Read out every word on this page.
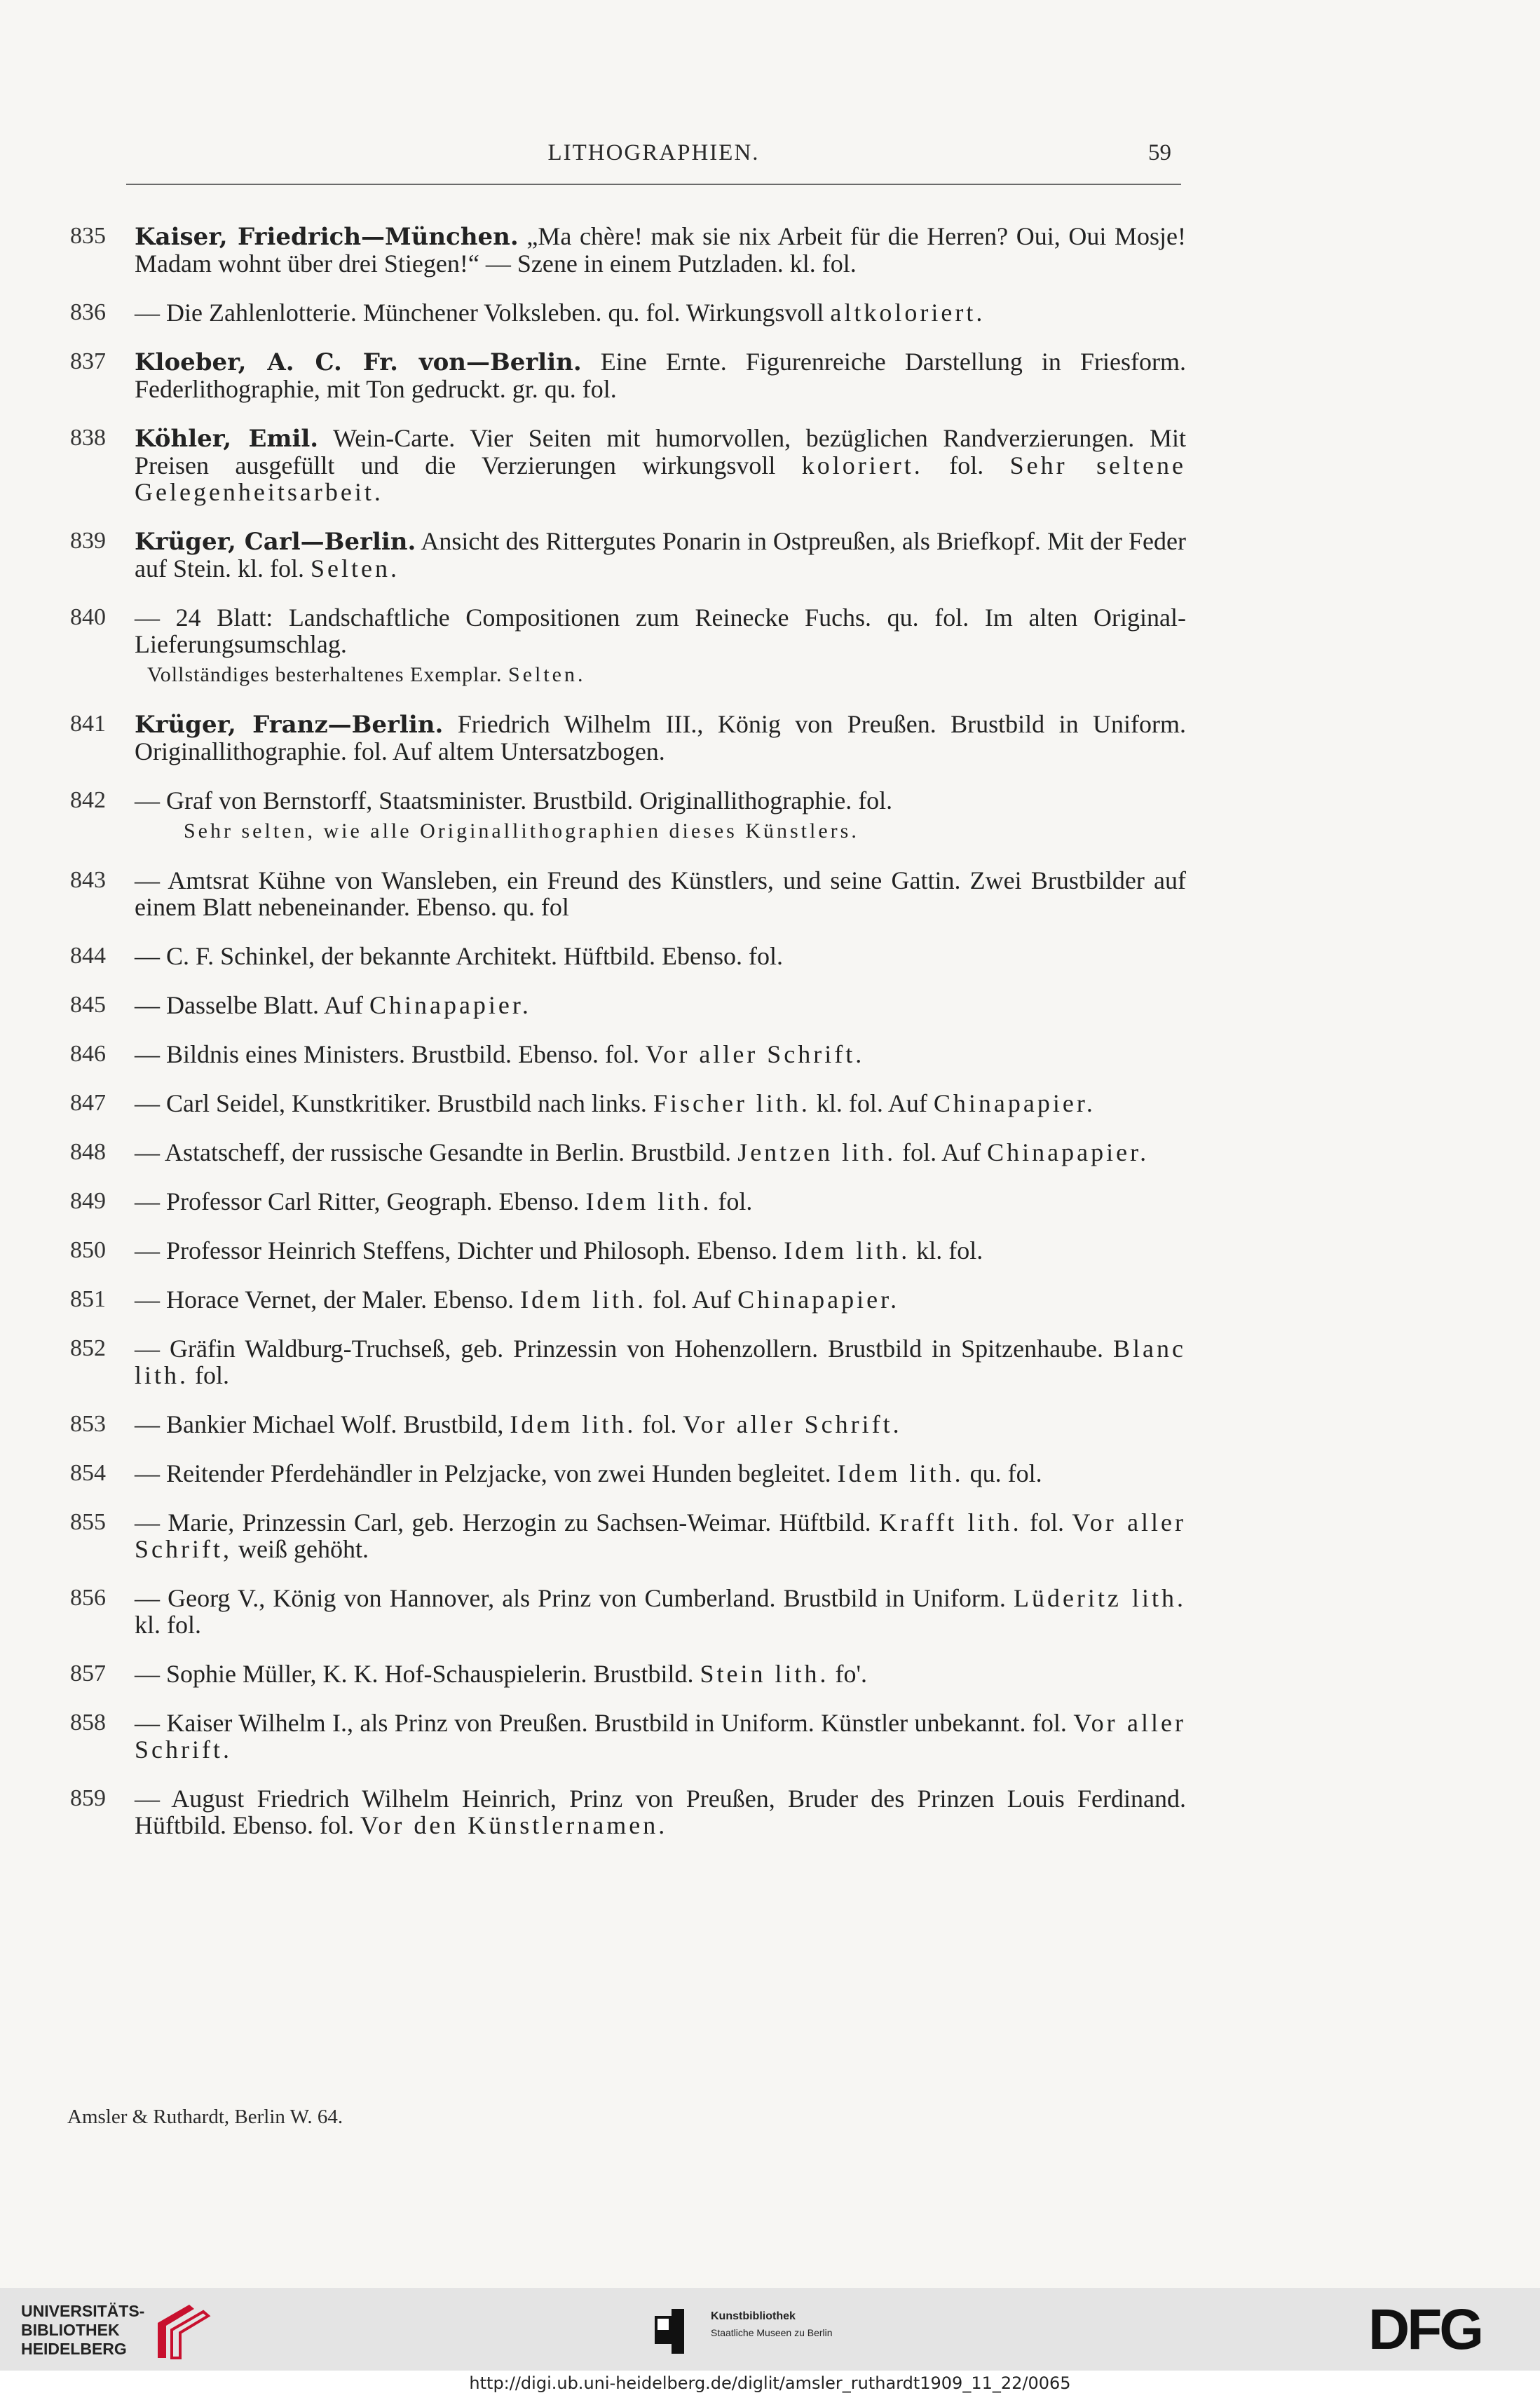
LITHOGRAPHIEN.	59
835	Kaiser, Friedrich—München. „Ma chère! mak sie nix Arbeit für die Herren? Oui, Oui Mosje! Madam wohnt über drei Stiegen!“ — Szene in einem Putzladen. kl. fol.
836	— Die Zahlenlotterie. Münchener Volksleben. qu. fol. Wirkungsvoll altkoloriert.
837	Kloeber, A. C. Fr. von—Berlin. Eine Ernte. Figurenreiche Darstellung in Friesform. Federlithographie, mit Ton gedruckt. gr. qu. fol.
838	Köhler, Emil. Wein-Carte. Vier Seiten mit humorvollen, bezüglichen Randverzierungen. Mit Preisen ausgefüllt und die Verzierungen wirkungsvoll koloriert. fol. Sehr seltene Gelegenheitsarbeit.
839	Krüger, Carl—Berlin. Ansicht des Rittergutes Ponarin in Ostpreußen, als Briefkopf. Mit der Feder auf Stein. kl. fol. Selten.
840	— 24 Blatt: Landschaftliche Compositionen zum Reinecke Fuchs. qu. fol. Im alten Original-Lieferungsumschlag.
Vollständiges besterhaltenes Exemplar. Selten.
841	Krüger, Franz—Berlin. Friedrich Wilhelm III., König von Preußen. Brustbild in Uniform. Originallithographie. fol. Auf altem Untersatzbogen.
842	— Graf von Bernstorff, Staatsminister. Brustbild. Originallithographie. fol.
Sehr selten, wie alle Originallithographien dieses Künstlers.
843	— Amtsrat Kühne von Wansleben, ein Freund des Künstlers, und seine Gattin. Zwei Brustbilder auf einem Blatt nebeneinander. Ebenso. qu. fol
844	— C. F. Schinkel, der bekannte Architekt. Hüftbild. Ebenso. fol.
845	— Dasselbe Blatt. Auf Chinapapier.
846	— Bildnis eines Ministers. Brustbild. Ebenso. fol. Vor aller Schrift.
847	— Carl Seidel, Kunstkritiker. Brustbild nach links. Fischer lith. kl. fol. Auf Chinapapier.
848	— Astatscheff, der russische Gesandte in Berlin. Brustbild. Jentzen lith. fol. Auf Chinapapier.
849	— Professor Carl Ritter, Geograph. Ebenso. Idem lith. fol.
850	— Professor Heinrich Steffens, Dichter und Philosoph. Ebenso. Idem lith. kl. fol.
851	— Horace Vernet, der Maler. Ebenso. Idem lith. fol. Auf Chinapapier.
852	— Gräfin Waldburg-Truchseß, geb. Prinzessin von Hohenzollern. Brustbild in Spitzenhaube. Blanc lith. fol.
853	— Bankier Michael Wolf. Brustbild, Idem lith. fol. Vor aller Schrift.
854	— Reitender Pferdehändler in Pelzjacke, von zwei Hunden begleitet. Idem lith. qu. fol.
855	— Marie, Prinzessin Carl, geb. Herzogin zu Sachsen-Weimar. Hüftbild. Krafft lith. fol. Vor aller Schrift, weiß gehöht.
856	— Georg V., König von Hannover, als Prinz von Cumberland. Brustbild in Uniform. Lüderitz lith. kl. fol.
857	— Sophie Müller, K. K. Hof-Schauspielerin. Brustbild. Stein lith. fo'.
858	— Kaiser Wilhelm I., als Prinz von Preußen. Brustbild in Uniform. Künstler unbekannt. fol. Vor aller Schrift.
859	— August Friedrich Wilhelm Heinrich, Prinz von Preußen, Bruder des Prinzen Louis Ferdinand. Hüftbild. Ebenso. fol. Vor den Künstlernamen.
Amsler & Ruthardt, Berlin W. 64.
UNIVERSITÄTS-
BIBLIOTHEK
HEIDELBERG
Kunstbibliothek
Staatliche Museen zu Berlin	DFG
http://digi.ub.uni-heidelberg.de/diglit/amsler_ruthardt1909_11_22/0065
